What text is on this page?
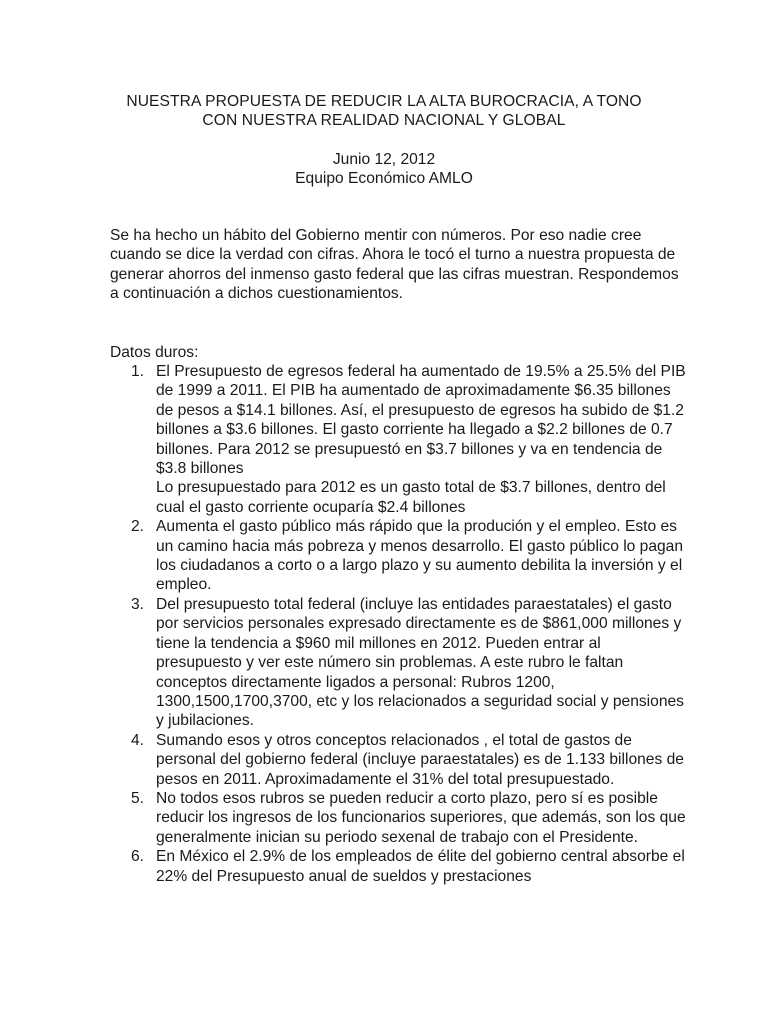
NUESTRA PROPUESTA DE REDUCIR LA ALTA BUROCRACIA, A TONO
CON NUESTRA REALIDAD NACIONAL Y GLOBAL

Junio 12, 2012
Equipo Económico AMLO

Se ha hecho un hábito del Gobierno mentir con números. Por eso nadie cree cuando se dice la verdad con cifras. Ahora le tocó el turno a nuestra propuesta de generar ahorros del inmenso gasto federal que las cifras muestran. Respondemos a continuación a dichos cuestionamientos.

Datos duros:

1. El Presupuesto de egresos federal ha aumentado de 19.5% a 25.5% del PIB de 1999 a 2011. El PIB ha aumentado de aproximadamente $6.35 billones de pesos a $14.1 billones. Así, el presupuesto de egresos ha subido de $1.2 billones a $3.6 billones. El gasto corriente ha llegado a $2.2 billones de 0.7 billones. Para 2012 se presupuestó en $3.7 billones y va en tendencia de $3.8 billones
Lo presupuestado para 2012 es un gasto total de $3.7 billones, dentro del cual el gasto corriente ocuparía $2.4 billones
2. Aumenta el gasto público más rápido que la produción y el empleo. Esto es un camino hacia más pobreza y menos desarrollo. El gasto público lo pagan los ciudadanos a corto o a largo plazo y su aumento debilita la inversión y el empleo.
3. Del presupuesto total federal (incluye las entidades paraestatales) el gasto por servicios personales expresado directamente es de $861,000 millones y tiene la tendencia a $960 mil millones en 2012. Pueden entrar al presupuesto y ver este número sin problemas. A este rubro le faltan conceptos directamente ligados a personal: Rubros 1200, 1300,1500,1700,3700, etc y los relacionados a seguridad social y pensiones y jubilaciones.
4. Sumando esos y otros conceptos relacionados , el total de gastos de personal del gobierno federal (incluye paraestatales) es de 1.133 billones de pesos en 2011. Aproximadamente el 31% del total presupuestado.
5. No todos esos rubros se pueden reducir a corto plazo, pero sí es posible reducir los ingresos de los funcionarios superiores, que además, son los que generalmente inician su periodo sexenal de trabajo con el Presidente.
6. En México el 2.9% de los empleados de élite del gobierno central absorbe el 22% del Presupuesto anual de sueldos y prestaciones
